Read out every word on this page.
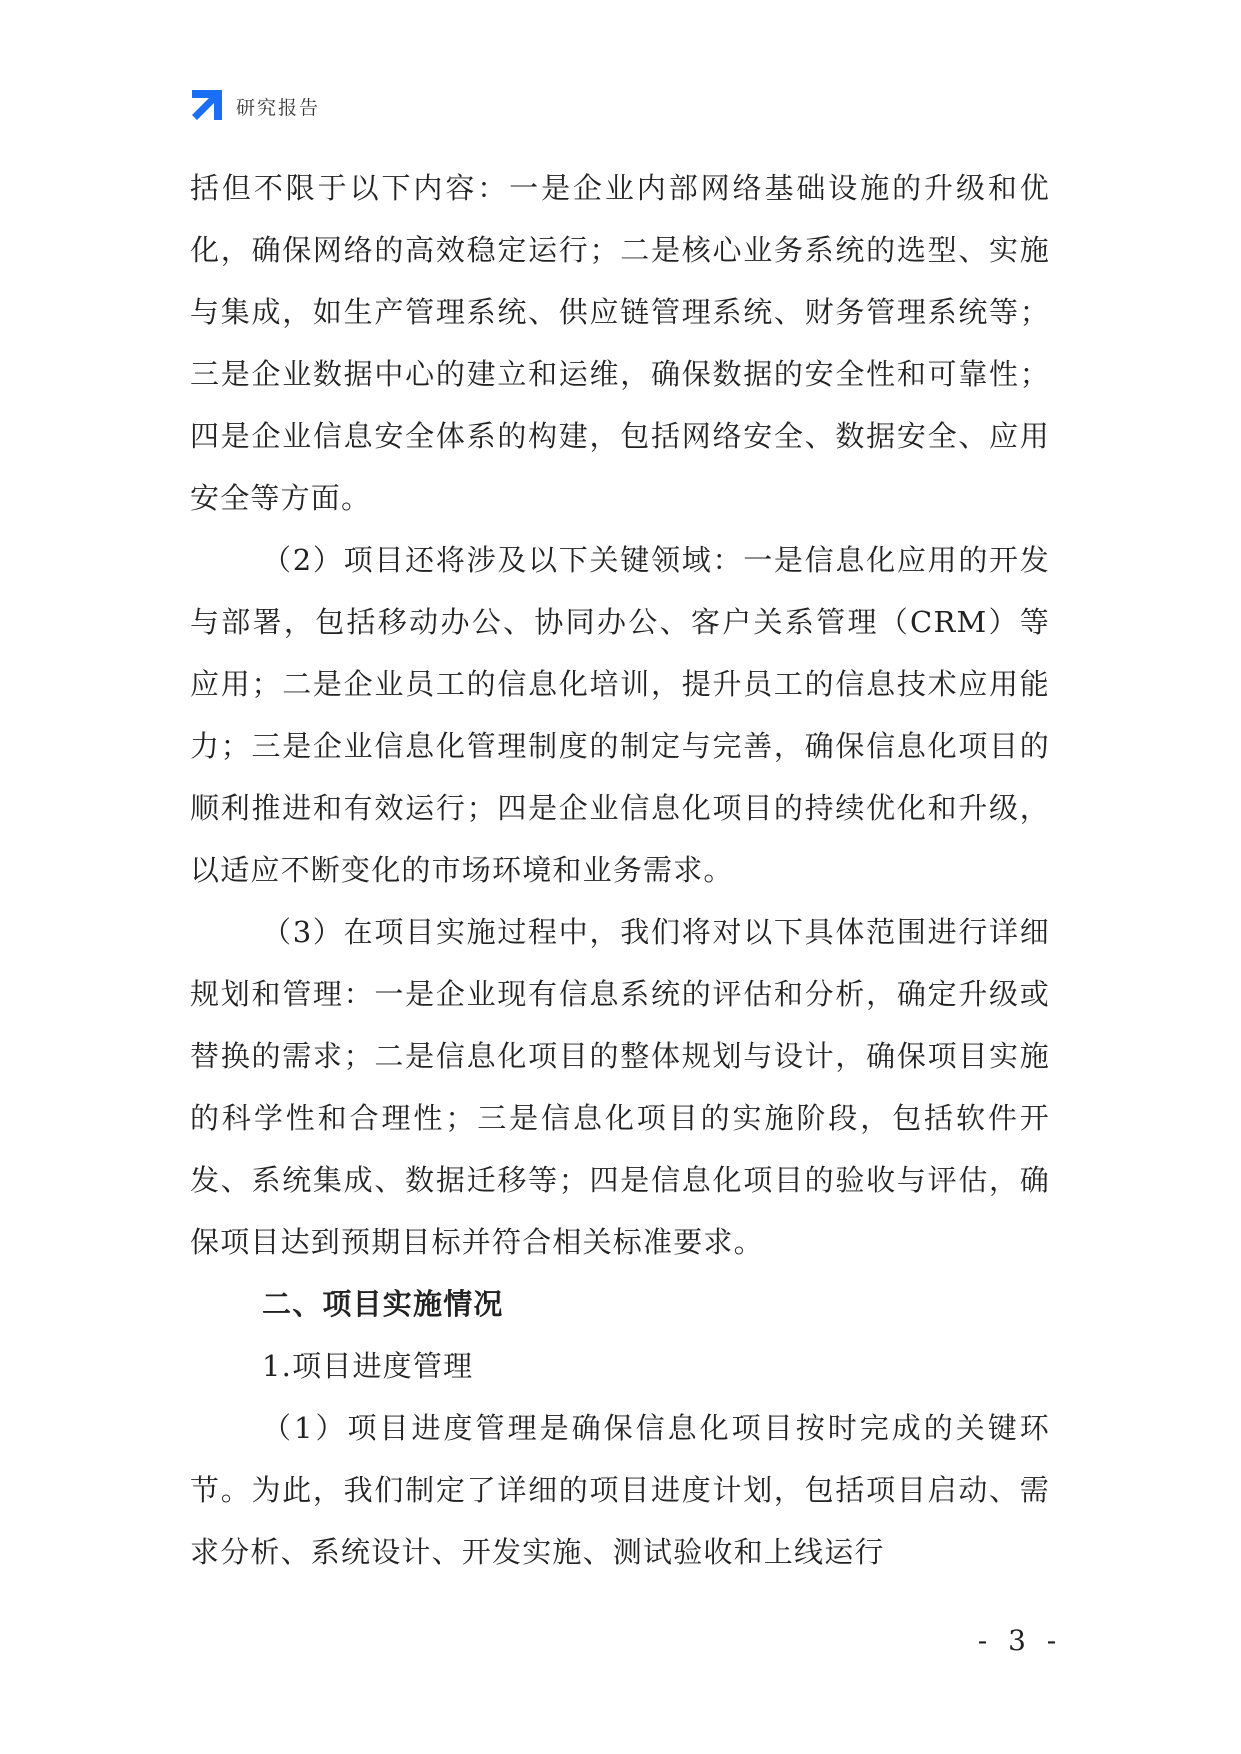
研究报告

括但不限于以下内容：一是企业内部网络基础设施的升级和优化，确保网络的高效稳定运行；二是核心业务系统的选型、实施与集成，如生产管理系统、供应链管理系统、财务管理系统等；三是企业数据中心的建立和运维，确保数据的安全性和可靠性；四是企业信息安全体系的构建，包括网络安全、数据安全、应用安全等方面。

（2）项目还将涉及以下关键领域：一是信息化应用的开发与部署，包括移动办公、协同办公、客户关系管理（CRM）等应用；二是企业员工的信息化培训，提升员工的信息技术应用能力；三是企业信息化管理制度的制定与完善，确保信息化项目的顺利推进和有效运行；四是企业信息化项目的持续优化和升级，以适应不断变化的市场环境和业务需求。

（3）在项目实施过程中，我们将对以下具体范围进行详细规划和管理：一是企业现有信息系统的评估和分析，确定升级或替换的需求；二是信息化项目的整体规划与设计，确保项目实施的科学性和合理性；三是信息化项目的实施阶段，包括软件开发、系统集成、数据迁移等；四是信息化项目的验收与评估，确保项目达到预期目标并符合相关标准要求。

二、项目实施情况

1.项目进度管理

（1）项目进度管理是确保信息化项目按时完成的关键环节。为此，我们制定了详细的项目进度计划，包括项目启动、需求分析、系统设计、开发实施、测试验收和上线运行

- 3 -
